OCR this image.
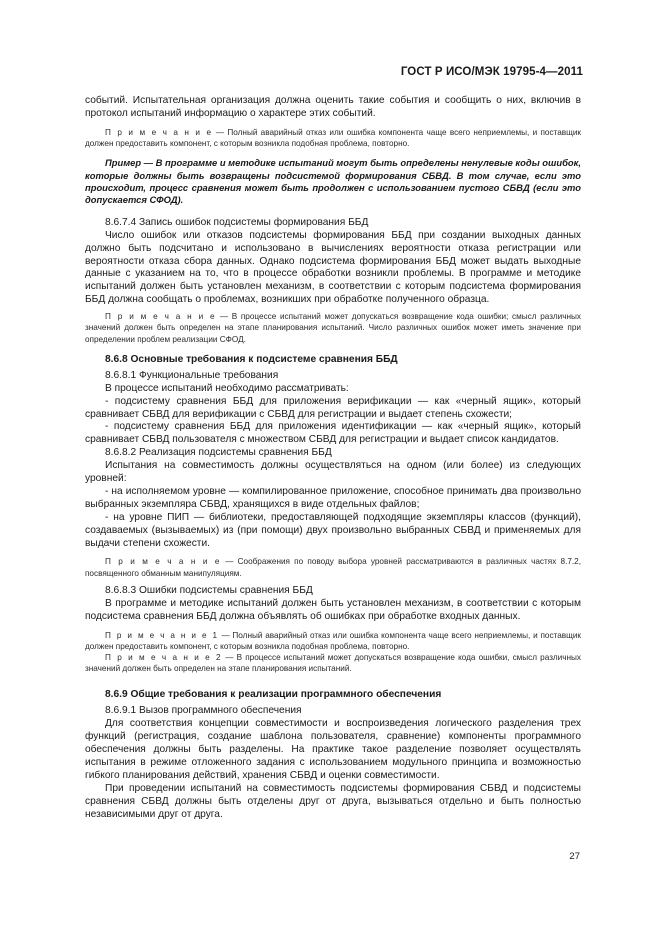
ГОСТ Р ИСО/МЭК 19795-4—2011

событий. Испытательная организация должна оценить такие события и сообщить о них, включив в протокол испытаний информацию о характере этих событий.

П р и м е ч а н и е — Полный аварийный отказ или ошибка компонента чаще всего неприемлемы, и поставщик должен предоставить компонент, с которым возникла подобная проблема, повторно.

Пример — В программе и методике испытаний могут быть определены ненулевые коды ошибок, которые должны быть возвращены подсистемой формирования СБВД. В том случае, если это происходит, процесс сравнения может быть продолжен с использованием пустого СБВД (если это допускается СФОД).

8.6.7.4 Запись ошибок подсистемы формирования ББД

Число ошибок или отказов подсистемы формирования ББД при создании выходных данных должно быть подсчитано и использовано в вычислениях вероятности отказа регистрации или вероятности отказа сбора данных. Однако подсистема формирования ББД может выдать выходные данные с указанием на то, что в процессе обработки возникли проблемы. В программе и методике испытаний должен быть установлен механизм, в соответствии с которым подсистема формирования ББД должна сообщать о проблемах, возникших при обработке полученного образца.

П р и м е ч а н и е — В процессе испытаний может допускаться возвращение кода ошибки; смысл различных значений должен быть определен на этапе планирования испытаний. Число различных ошибок может иметь значение при определении проблем реализации СФОД.

8.6.8 Основные требования к подсистеме сравнения ББД

8.6.8.1 Функциональные требования

В процессе испытаний необходимо рассматривать:

- подсистему сравнения ББД для приложения верификации — как «черный ящик», который сравнивает СБВД для верификации с СБВД для регистрации и выдает степень схожести;

- подсистему сравнения ББД для приложения идентификации — как «черный ящик», который сравнивает СБВД пользователя с множеством СБВД для регистрации и выдает список кандидатов.

8.6.8.2 Реализация подсистемы сравнения ББД

Испытания на совместимость должны осуществляться на одном (или более) из следующих уровней:

- на исполняемом уровне — компилированное приложение, способное принимать два произвольно выбранных экземпляра СБВД, хранящихся в виде отдельных файлов;

- на уровне ПИП — библиотеки, предоставляющей подходящие экземпляры классов (функций), создаваемых (вызываемых) из (при помощи) двух произвольно выбранных СБВД и применяемых для выдачи степени схожести.

П р и м е ч а н и е — Соображения по поводу выбора уровней рассматриваются в различных частях 8.7.2, посвященного обманным манипуляциям.

8.6.8.3 Ошибки подсистемы сравнения ББД

В программе и методике испытаний должен быть установлен механизм, в соответствии с которым подсистема сравнения ББД должна объявлять об ошибках при обработке входных данных.

П р и м е ч а н и е 1 — Полный аварийный отказ или ошибка компонента чаще всего неприемлемы, и поставщик должен предоставить компонент, с которым возникла подобная проблема, повторно.

П р и м е ч а н и е 2 — В процессе испытаний может допускаться возвращение кода ошибки, смысл различных значений должен быть определен на этапе планирования испытаний.

8.6.9 Общие требования к реализации программного обеспечения

8.6.9.1 Вызов программного обеспечения

Для соответствия концепции совместимости и воспроизведения логического разделения трех функций (регистрация, создание шаблона пользователя, сравнение) компоненты программного обеспечения должны быть разделены. На практике такое разделение позволяет осуществлять испытания в режиме отложенного задания с использованием модульного принципа и возможностью гибкого планирования действий, хранения СБВД и оценки совместимости.

При проведении испытаний на совместимость подсистемы формирования СБВД и подсистемы сравнения СБВД должны быть отделены друг от друга, вызываться отдельно и быть полностью независимыми друг от друга.

27
